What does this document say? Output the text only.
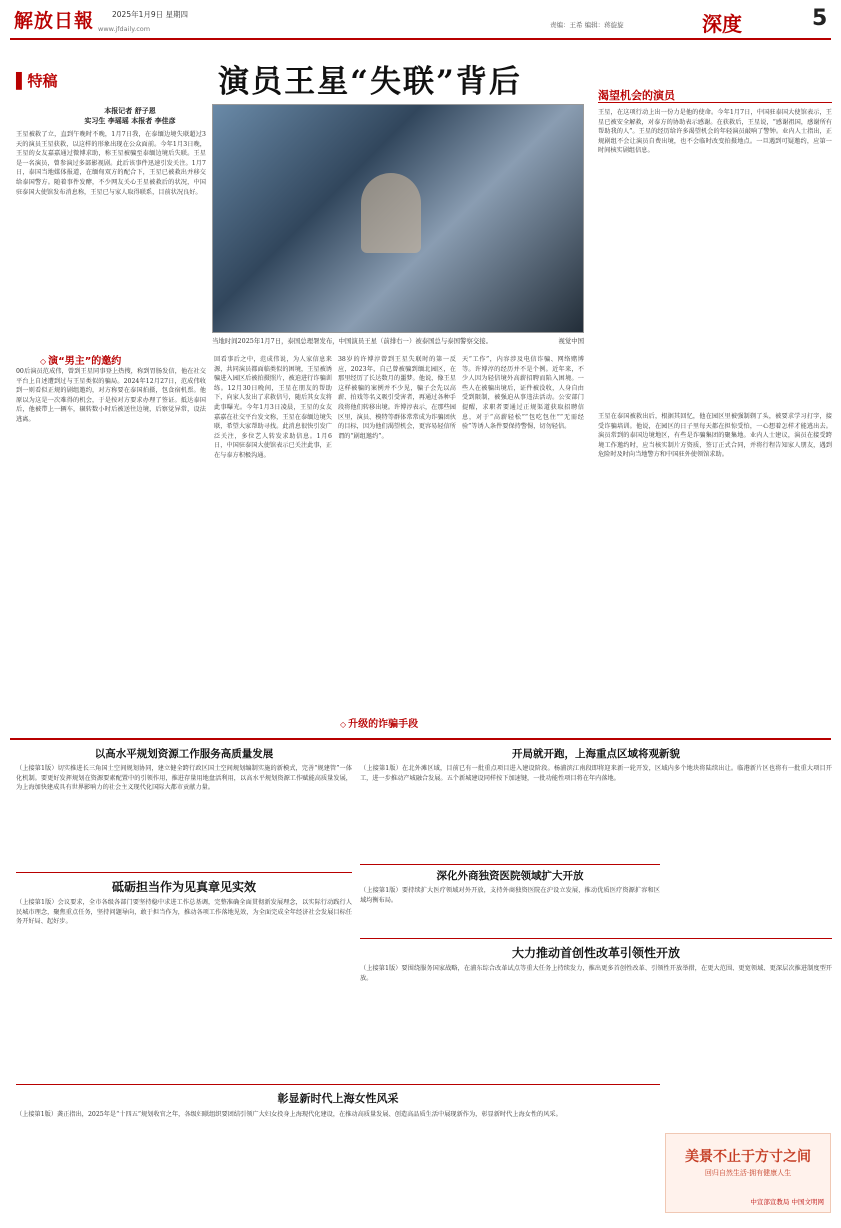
解放日報 2025年1月9日 星期四
www.jfdaily.com	责编：王希 编辑：蒋旋旋	深度	5
▌特稿	演员王星“失联”背后	渴望机会的演员
本报记者 舒子恩
实习生 李瑶瑶 本报者 李佳彦
当地时间2025年1月7日，泰国总理署发布，中国演员王星（前排右一）被泰国总与泰国警察交接。	视觉中国
王星被救了立，直到午晚时不晚，1月7日我，在泰缅边境失联超过3天的演员王星获救，以这样的形象出现在公众面前。今年1月3日晚，王星的女友嘉嘉通过微博求助，称王星被骗至泰缅边境后失联。王星是一名演员，曾参演过多部影视剧。此后该事件迅速引发关注。1月7日，泰国当地媒体报道，在缅甸双方的配合下，王星已被救出并移交给泰国警方。随着事件发酵，不少网友关心王星被救后的状况，中国驻泰国大使馆发布消息称，王星已与家人取得联系，目前状况良好。
◇ 演“男主”的邀约
00后演员范成伟，曾到王星同事登上热搜，称到胃肠发信，他在社交平台上自述遭到过与王星类似的骗局。2024年12月27日，范成伟收到一则看似正规的剧组邀约，对方称要在泰国拍摄，包食宿机票。他原以为这是一次难得的机会，于是按对方要求办理了签证。抵达泰国后，他被带上一辆车，辗转数小时后被送往边境，后察觉异常，设法逃离。
回看事后之中，范成伟说，为人家信息来源，共同演员都面临类似的困境，王星被诱骗进入园区后被拍摄照片，被迫进行诈骗训练。12月30日晚间，王星在朋友的帮助下，向家人发出了求救信号，随后其女友将此事曝光。今年1月3日凌晨，王星的女友嘉嘉在社交平台发文称，王星在泰缅边境失联，希望大家帮助寻找。此消息很快引发广泛关注，多位艺人转发求助信息。1月6日，中国驻泰国大使馆表示已关注此事，正在与泰方积极沟通。
◇ 升级的诈骗手段
38岁的许博淳曾到王星失联时的第一反应，2023年，自己曾被骗到缅北园区，在那里经历了长达数月的噩梦。他说，像王星这样被骗的案例并不少见，骗子会先以高薪、拍戏等名义吸引受害者，再通过各种手段将他们转移出境。许博淳表示，在那些园区里，演员、模特等群体常常成为诈骗团伙的目标，因为他们渴望机会，更容易轻信所谓的“剧组邀约”。
天“工作”，内容涉及电信诈骗、网络赌博等。许博淳的经历并不是个例。近年来，不少人因为轻信境外高薪招聘而陷入困境。一些人在被骗出境后，证件被没收，人身自由受到限制，被强迫从事违法活动。公安部门提醒，求职者要通过正规渠道获取招聘信息，对于“高薪轻松”“包吃包住”“无需经验”等诱人条件要保持警惕，切勿轻信。
王星，在这项行动上出一份力是他的使命。今年1月7日，中国驻泰国大使馆表示，王星已被安全解救，对泰方的协助表示感谢。在获救后，王星说，“感谢祖国，感谢所有帮助我的人”。王星的经历给许多渴望机会的年轻演员敲响了警钟。业内人士指出，正规剧组不会让演员自费出境，也不会临时改变拍摄地点。一旦遇到可疑邀约，应第一时间核实剧组信息。
王星在泰国被救出后，根据其回忆，他在园区里被强制剃了头，被要求学习打字，接受诈骗培训。他说，在园区的日子里每天都在担惊受怕，一心想着怎样才能逃出去。演员常到的泰国边境地区，有些是诈骗集团的聚集地。业内人士建议，演员在接受跨境工作邀约时，应当核实制片方资质，签订正式合同，并将行程告知家人朋友，遇到危险时及时向当地警方和中国驻外使领馆求助。
以高水平规划资源工作服务高质量发展
（上接第1版）切实推进长三角国土空间规划协同，建立健全跨行政区国土空间规划编制实施的新模式，完善“规建管”一体化机制。要更好发挥规划在资源要素配置中的引领作用，推进存量用地盘活利用，以高水平规划资源工作赋能高质量发展，为上海加快建成具有世界影响力的社会主义现代化国际大都市贡献力量。
开局就开跑，上海重点区域将观新貌
（上接第1版）在北外滩区域，目前已有一批重点项目进入建设阶段。杨浦滨江南段即将迎来新一轮开发，区域内多个地块将陆续出让。临港新片区也将有一批重大项目开工，进一步推动产城融合发展。五个新城建设同样按下加速键，一批功能性项目将在年内落地。
砥砺担当作为见真章见实效
（上接第1版）会议要求，全市各级各部门要坚持稳中求进工作总基调，完整准确全面贯彻新发展理念，以实际行动践行人民城市理念，聚焦重点任务，坚持问题导向，敢于担当作为，推动各项工作落地见效，为全面完成全年经济社会发展目标任务开好局、起好步。
深化外商独资医院领域扩大开放
（上接第1版）要持续扩大医疗领域对外开放，支持外商独资医院在沪设立发展，推动优质医疗资源扩容和区域均衡布局。
大力推动首创性改革引领性开放
（上接第1版）要围绕服务国家战略，在浦东综合改革试点等重大任务上持续发力，推出更多首创性改革、引领性开放举措，在更大范围、更宽领域、更深层次推进制度型开放。
彰显新时代上海女性风采
（上接第1版）龚正指出，2025年是“十四五”规划收官之年，各级妇联组织要团结引领广大妇女投身上海现代化建设，在推动高质量发展、创造高品质生活中展现新作为，彰显新时代上海女性的风采。
美景不止于方寸之间
回归自然生活·拥有健康人生
中宣部宣教局 中国文明网
